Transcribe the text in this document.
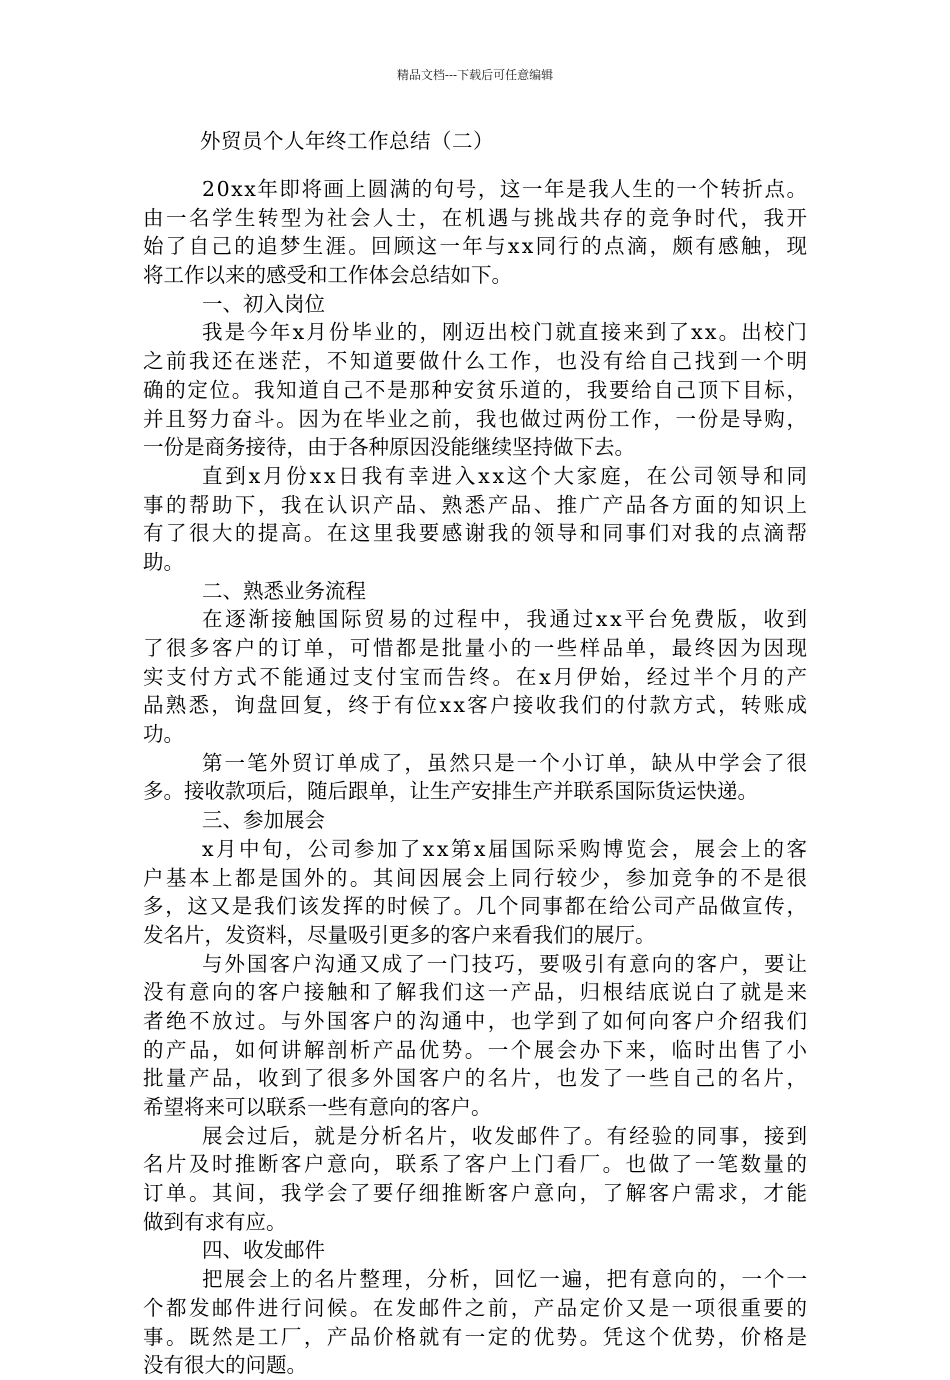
精品文档---下载后可任意编辑
外贸员个人年终工作总结（二）
20xx年即将画上圆满的句号，这一年是我人生的一个转折点。
由一名学生转型为社会人士，在机遇与挑战共存的竞争时代，我开
始了自己的追梦生涯。回顾这一年与xx同行的点滴，颇有感触，现
将工作以来的感受和工作体会总结如下。
一、初入岗位
我是今年x月份毕业的，刚迈出校门就直接来到了xx。出校门
之前我还在迷茫，不知道要做什么工作，也没有给自己找到一个明
确的定位。我知道自己不是那种安贫乐道的，我要给自己顶下目标，
并且努力奋斗。因为在毕业之前，我也做过两份工作，一份是导购，
一份是商务接待，由于各种原因没能继续坚持做下去。
直到x月份xx日我有幸进入xx这个大家庭，在公司领导和同
事的帮助下，我在认识产品、熟悉产品、推广产品各方面的知识上
有了很大的提高。在这里我要感谢我的领导和同事们对我的点滴帮
助。
二、熟悉业务流程
在逐渐接触国际贸易的过程中，我通过xx平台免费版，收到
了很多客户的订单，可惜都是批量小的一些样品单，最终因为因现
实支付方式不能通过支付宝而告终。在x月伊始，经过半个月的产
品熟悉，询盘回复，终于有位xx客户接收我们的付款方式，转账成
功。
第一笔外贸订单成了，虽然只是一个小订单，缺从中学会了很
多。接收款项后，随后跟单，让生产安排生产并联系国际货运快递。
三、参加展会
x月中旬，公司参加了xx第x届国际采购博览会，展会上的客
户基本上都是国外的。其间因展会上同行较少，参加竞争的不是很
多，这又是我们该发挥的时候了。几个同事都在给公司产品做宣传，
发名片，发资料，尽量吸引更多的客户来看我们的展厅。
与外国客户沟通又成了一门技巧，要吸引有意向的客户，要让
没有意向的客户接触和了解我们这一产品，归根结底说白了就是来
者绝不放过。与外国客户的沟通中，也学到了如何向客户介绍我们
的产品，如何讲解剖析产品优势。一个展会办下来，临时出售了小
批量产品，收到了很多外国客户的名片，也发了一些自己的名片，
希望将来可以联系一些有意向的客户。
展会过后，就是分析名片，收发邮件了。有经验的同事，接到
名片及时推断客户意向，联系了客户上门看厂。也做了一笔数量的
订单。其间，我学会了要仔细推断客户意向，了解客户需求，才能
做到有求有应。
四、收发邮件
把展会上的名片整理，分析，回忆一遍，把有意向的，一个一
个都发邮件进行问候。在发邮件之前，产品定价又是一项很重要的
事。既然是工厂，产品价格就有一定的优势。凭这个优势，价格是
没有很大的问题。
